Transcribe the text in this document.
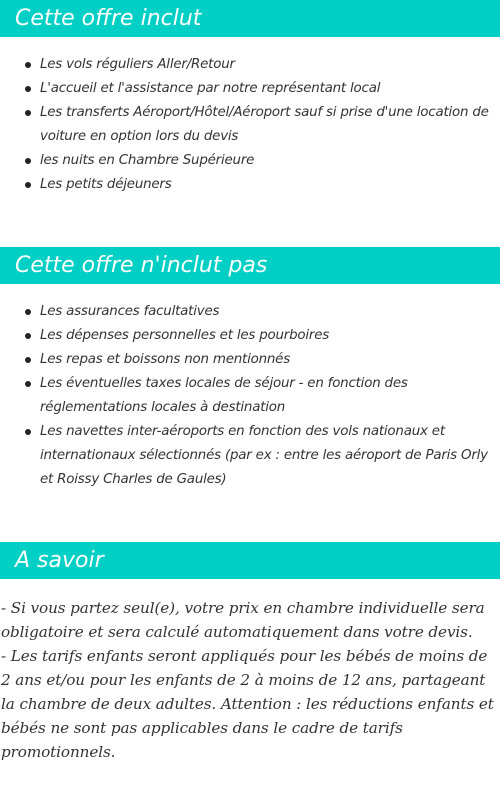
Cette offre inclut
Les vols réguliers Aller/Retour
L'accueil et l'assistance par notre représentant local
Les transferts Aéroport/Hôtel/Aéroport sauf si prise d'une location de voiture en option lors du devis
les nuits en Chambre Supérieure
Les petits déjeuners
Cette offre n'inclut pas
Les assurances facultatives
Les dépenses personnelles et les pourboires
Les repas et boissons non mentionnés
Les éventuelles taxes locales de séjour - en fonction des réglementations locales à destination
Les navettes inter-aéroports en fonction des vols nationaux et internationaux sélectionnés (par ex : entre les aéroport de Paris Orly et Roissy Charles de Gaules)
A savoir

- Si vous partez seul(e), votre prix en chambre individuelle sera obligatoire et sera calculé automatiquement dans votre devis.

- Les tarifs enfants seront appliqués pour les bébés de moins de 2 ans et/ou pour les enfants de 2 à moins de 12 ans, partageant la chambre de deux adultes. Attention : les réductions enfants et bébés ne sont pas applicables dans le cadre de tarifs promotionnels.
